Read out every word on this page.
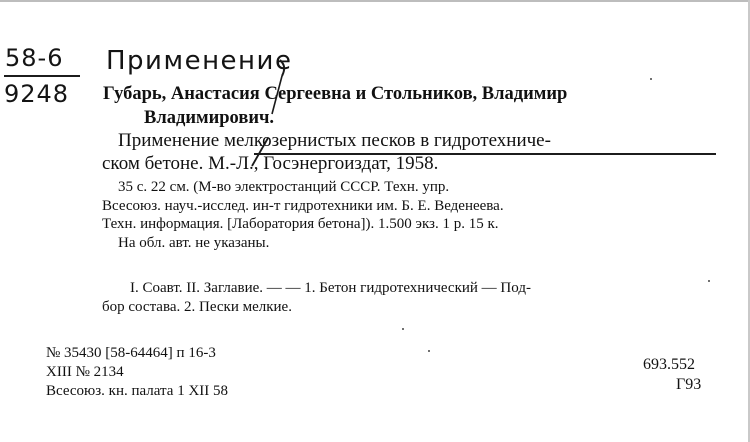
58-6
9248
Применение
Губарь, Анастасия Сергеевна и Стольников, Владимир
Владимирович.
Применение мелкозернистых песков в гидротехниче-
ском бетоне. М.-Л., Госэнергоиздат, 1958.
35 с. 22 см. (М-во электростанций СССР. Техн. упр.
Всесоюз. науч.-исслед. ин-т гидротехники им. Б. Е. Веденеева.
Техн. информация. [Лаборатория бетона]). 1.500 экз. 1 р. 15 к.
На обл. авт. не указаны.
I. Соавт. II. Заглавие. — — 1. Бетон гидротехнический — Под-
бор состава. 2. Пески мелкие.
№ 35430 [58-64464] п 16-3
XIII № 2134
Всесоюз. кн. палата 1 XII 58
693.552
Г93
